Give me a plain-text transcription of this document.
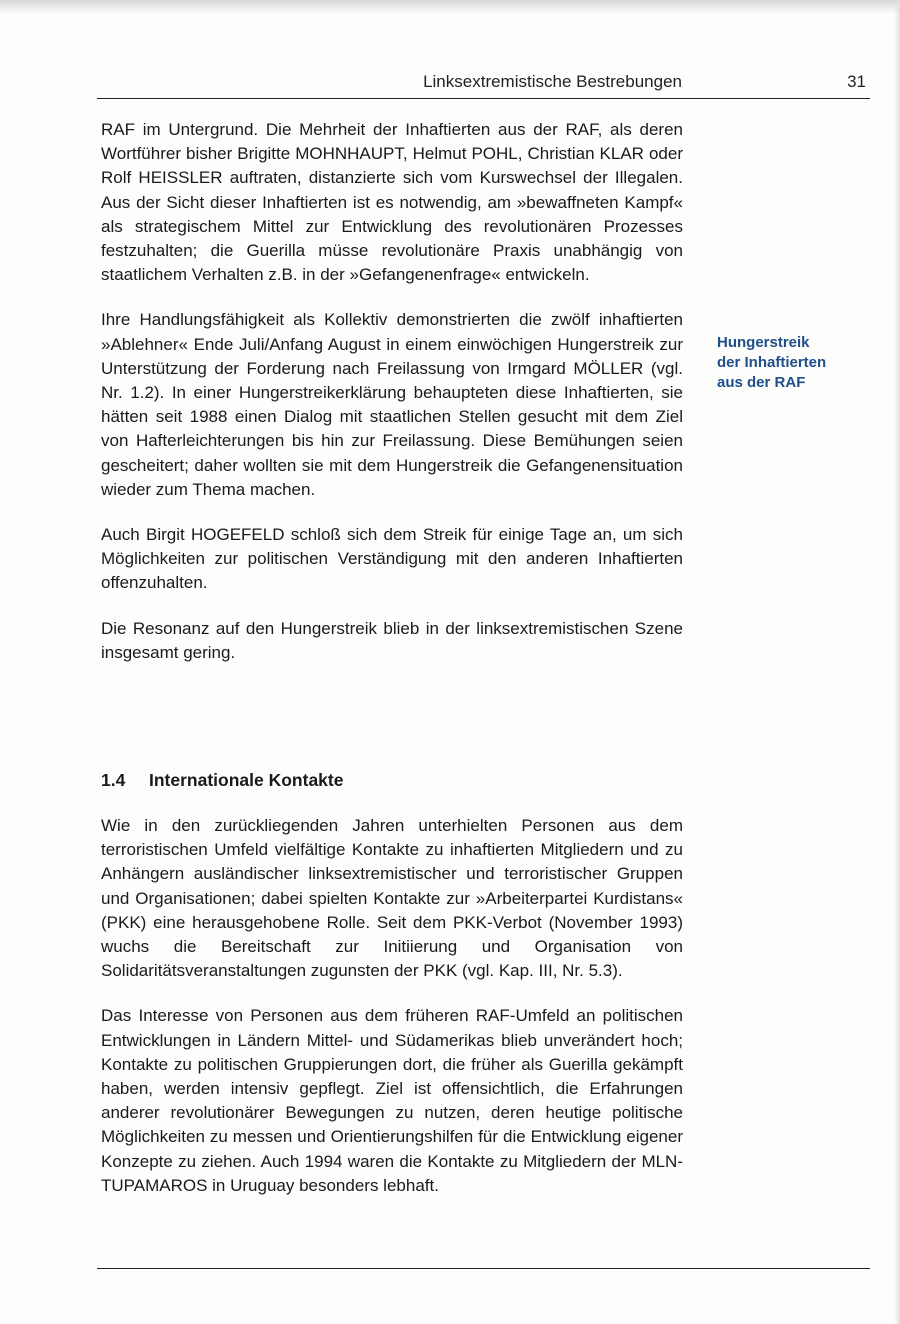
Linksextremistische Bestrebungen	31

RAF im Untergrund. Die Mehrheit der Inhaftierten aus der RAF, als deren Wortführer bisher Brigitte MOHNHAUPT, Helmut POHL, Christian KLAR oder Rolf HEISSLER auftraten, distanzierte sich vom Kurswechsel der Illegalen. Aus der Sicht dieser Inhaftierten ist es notwendig, am »bewaffneten Kampf« als strategischem Mittel zur Entwicklung des revolutionären Prozesses festzuhalten; die Guerilla müsse revolutionäre Praxis unabhängig von staatlichem Verhalten z.B. in der »Gefangenenfrage« entwickeln.

Ihre Handlungsfähigkeit als Kollektiv demonstrierten die zwölf inhaftierten »Ablehner« Ende Juli/Anfang August in einem einwöchigen Hungerstreik zur Unterstützung der Forderung nach Freilassung von Irmgard MÖLLER (vgl. Nr. 1.2). In einer Hungerstreikerklärung behaupteten diese Inhaftierten, sie hätten seit 1988 einen Dialog mit staatlichen Stellen gesucht mit dem Ziel von Hafterleichterungen bis hin zur Freilassung. Diese Bemühungen seien gescheitert; daher wollten sie mit dem Hungerstreik die Gefangenensituation wieder zum Thema machen.

Auch Birgit HOGEFELD schloß sich dem Streik für einige Tage an, um sich Möglichkeiten zur politischen Verständigung mit den anderen Inhaftierten offenzuhalten.

Die Resonanz auf den Hungerstreik blieb in der linksextremistischen Szene insgesamt gering.

Hungerstreik
der Inhaftierten
aus der RAF
1.4 Internationale Kontakte

Wie in den zurückliegenden Jahren unterhielten Personen aus dem terroristischen Umfeld vielfältige Kontakte zu inhaftierten Mitgliedern und zu Anhängern ausländischer linksextremistischer und terroristischer Gruppen und Organisationen; dabei spielten Kontakte zur »Arbeiterpartei Kurdistans« (PKK) eine herausgehobene Rolle. Seit dem PKK-Verbot (November 1993) wuchs die Bereitschaft zur Initiierung und Organisation von Solidaritätsveranstaltungen zugunsten der PKK (vgl. Kap. III, Nr. 5.3).

Das Interesse von Personen aus dem früheren RAF-Umfeld an politischen Entwicklungen in Ländern Mittel- und Südamerikas blieb unverändert hoch; Kontakte zu politischen Gruppierungen dort, die früher als Guerilla gekämpft haben, werden intensiv gepflegt. Ziel ist offensichtlich, die Erfahrungen anderer revolutionärer Bewegungen zu nutzen, deren heutige politische Möglichkeiten zu messen und Orientierungshilfen für die Entwicklung eigener Konzepte zu ziehen. Auch 1994 waren die Kontakte zu Mitgliedern der MLN-TUPAMAROS in Uruguay besonders lebhaft.
